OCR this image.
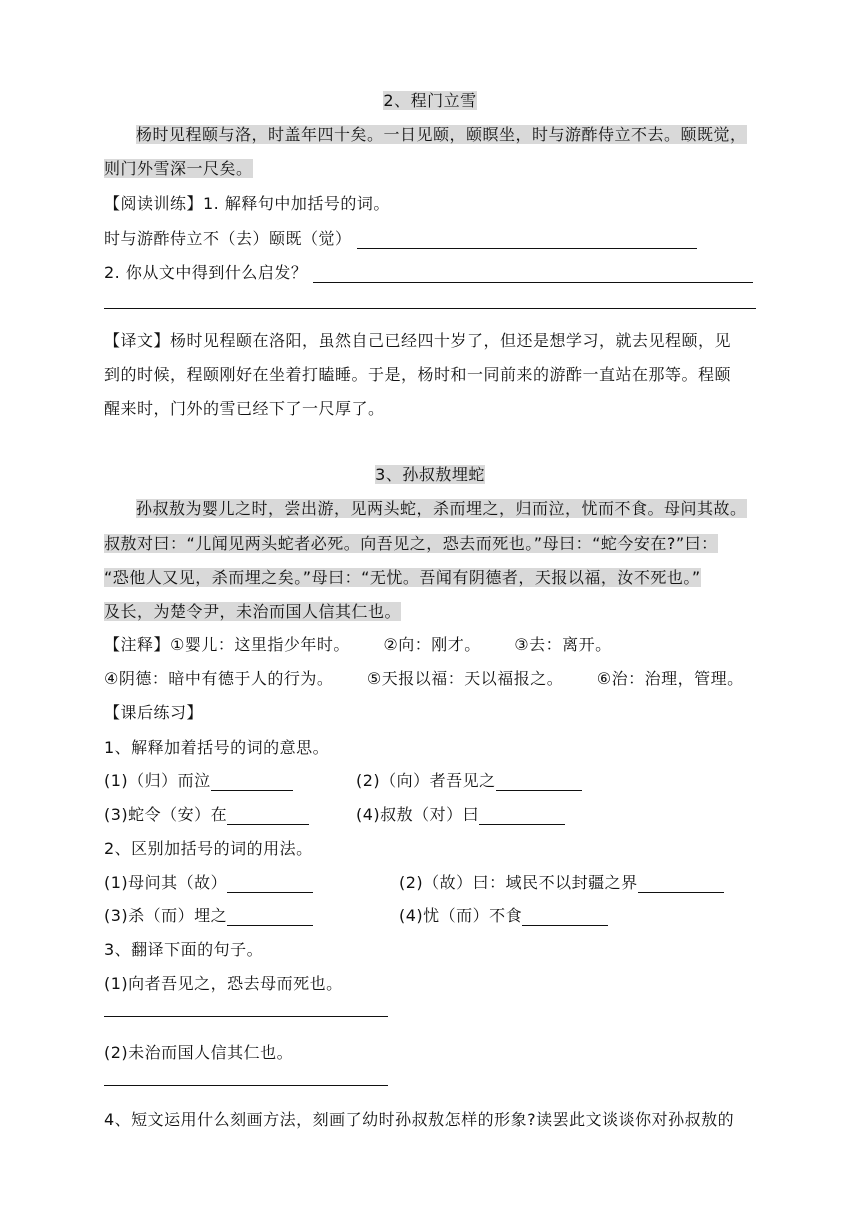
2、程门立雪
杨时见程颐与洛，时盖年四十矣。一日见颐，颐瞑坐，时与游酢侍立不去。颐既觉，
则门外雪深一尺矣。
【阅读训练】1. 解释句中加括号的词。
时与游酢侍立不（去）颐既（觉）
2. 你从文中得到什么启发？
【译文】杨时见程颐在洛阳，虽然自己已经四十岁了，但还是想学习，就去见程颐，见
到的时候，程颐刚好在坐着打瞌睡。于是，杨时和一同前来的游酢一直站在那等。程颐
醒来时，门外的雪已经下了一尺厚了。
3、孙叔敖埋蛇
孙叔敖为婴儿之时，尝出游，见两头蛇，杀而埋之，归而泣，忧而不食。母问其故。
叔敖对曰：“儿闻见两头蛇者必死。向吾见之，恐去而死也。”母曰：“蛇今安在?”曰：
“恐他人又见，杀而埋之矣。”母曰：“无忧。吾闻有阴德者，天报以福，汝不死也。”
及长，为楚令尹，未治而国人信其仁也。
【注释】①婴儿：这里指少年时。      ②向：刚才。      ③去：离开。
④阴德：暗中有德于人的行为。      ⑤天报以福：天以福报之。      ⑥治：治理，管理。
【课后练习】
1、解释加着括号的词的意思。
(1)（归）而泣	(2)（向）者吾见之
(3)蛇令（安）在	(4)叔敖（对）曰
2、区别加括号的词的用法。
(1)母问其（故）	(2)（故）曰：域民不以封疆之界
(3)杀（而）埋之	(4)忧（而）不食
3、翻译下面的句子。
(1)向者吾见之，恐去母而死也。
(2)未治而国人信其仁也。
4、短文运用什么刻画方法，刻画了幼时孙叔敖怎样的形象?读罢此文谈谈你对孙叔敖的
